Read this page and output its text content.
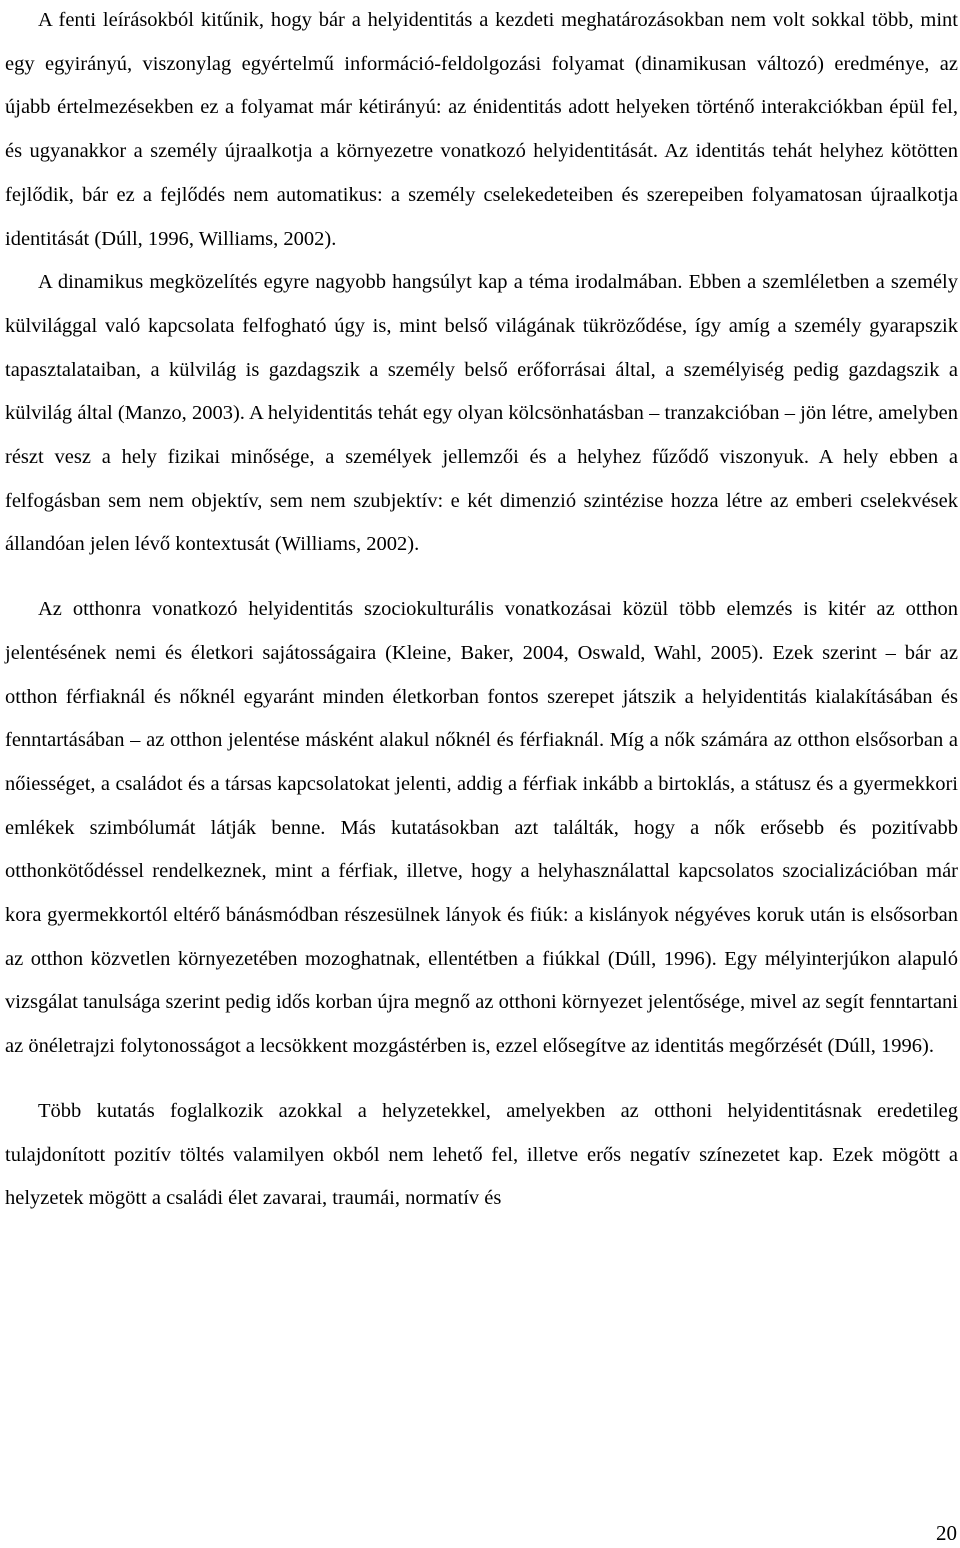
A fenti leírásokból kitűnik, hogy bár a helyidentitás a kezdeti meghatározásokban nem volt sokkal több, mint egy egyirányú, viszonylag egyértelmű információ-feldolgozási folyamat (dinamikusan változó) eredménye, az újabb értelmezésekben ez a folyamat már kétirányú: az énidentitás adott helyeken történő interakciókban épül fel, és ugyanakkor a személy újraalkotja a környezetre vonatkozó helyidentitását. Az identitás tehát helyhez kötötten fejlődik, bár ez a fejlődés nem automatikus: a személy cselekedeteiben és szerepeiben folyamatosan újraalkotja identitását (Dúll, 1996, Williams, 2002).

A dinamikus megközelítés egyre nagyobb hangsúlyt kap a téma irodalmában. Ebben a szemléletben a személy külvilággal való kapcsolata felfogható úgy is, mint belső világának tükröződése, így amíg a személy gyarapszik tapasztalataiban, a külvilág is gazdagszik a személy belső erőforrásai által, a személyiség pedig gazdagszik a külvilág által (Manzo, 2003). A helyidentitás tehát egy olyan kölcsönhatásban – tranzakcióban – jön létre, amelyben részt vesz a hely fizikai minősége, a személyek jellemzői és a helyhez fűződő viszonyuk. A hely ebben a felfogásban sem nem objektív, sem nem szubjektív: e két dimenzió szintézise hozza létre az emberi cselekvések állandóan jelen lévő kontextusát (Williams, 2002).

Az otthonra vonatkozó helyidentitás szociokulturális vonatkozásai közül több elemzés is kitér az otthon jelentésének nemi és életkori sajátosságaira (Kleine, Baker, 2004, Oswald, Wahl, 2005). Ezek szerint – bár az otthon férfiaknál és nőknél egyaránt minden életkorban fontos szerepet játszik a helyidentitás kialakításában és fenntartásában – az otthon jelentése másként alakul nőknél és férfiaknál. Míg a nők számára az otthon elsősorban a nőiességet, a családot és a társas kapcsolatokat jelenti, addig a férfiak inkább a birtoklás, a státusz és a gyermekkori emlékek szimbólumát látják benne. Más kutatásokban azt találták, hogy a nők erősebb és pozitívabb otthonkötődéssel rendelkeznek, mint a férfiak, illetve, hogy a helyhasználattal kapcsolatos szocializációban már kora gyermekkortól eltérő bánásmódban részesülnek lányok és fiúk: a kislányok négyéves koruk után is elsősorban az otthon közvetlen környezetében mozoghatnak, ellentétben a fiúkkal (Dúll, 1996). Egy mélyinterjúkon alapuló vizsgálat tanulsága szerint pedig idős korban újra megnő az otthoni környezet jelentősége, mivel az segít fenntartani az önéletrajzi folytonosságot a lecsökkent mozgástérben is, ezzel elősegítve az identitás megőrzését (Dúll, 1996).

Több kutatás foglalkozik azokkal a helyzetekkel, amelyekben az otthoni helyidentitásnak eredetileg tulajdonított pozitív töltés valamilyen okból nem lehető fel, illetve erős negatív színezetet kap. Ezek mögött a helyzetek mögött a családi élet zavarai, traumái, normatív és

20
